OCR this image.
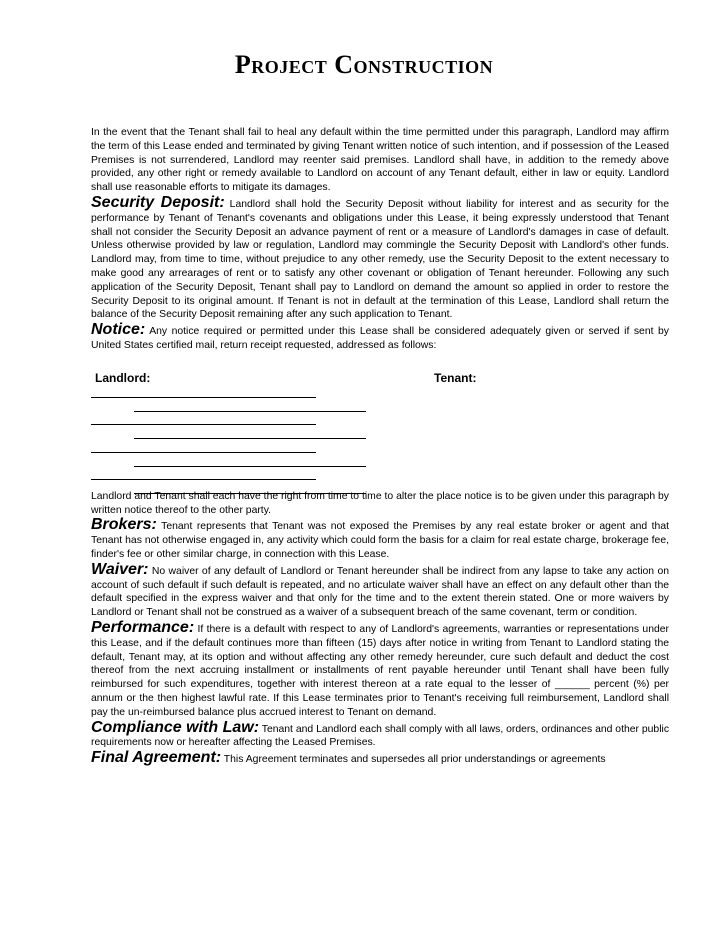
Project Construction

In the event that the Tenant shall fail to heal any default within the time permitted under this paragraph, Landlord may affirm the term of this Lease ended and terminated by giving Tenant written notice of such intention, and if possession of the Leased Premises is not surrendered, Landlord may reenter said premises. Landlord shall have, in addition to the remedy above provided, any other right or remedy available to Landlord on account of any Tenant default, either in law or equity. Landlord shall use reasonable efforts to mitigate its damages.

Security Deposit: Landlord shall hold the Security Deposit without liability for interest and as security for the performance by Tenant of Tenant's covenants and obligations under this Lease, it being expressly understood that Tenant shall not consider the Security Deposit an advance payment of rent or a measure of Landlord's damages in case of default. Unless otherwise provided by law or regulation, Landlord may commingle the Security Deposit with Landlord's other funds. Landlord may, from time to time, without prejudice to any other remedy, use the Security Deposit to the extent necessary to make good any arrearages of rent or to satisfy any other covenant or obligation of Tenant hereunder. Following any such application of the Security Deposit, Tenant shall pay to Landlord on demand the amount so applied in order to restore the Security Deposit to its original amount. If Tenant is not in default at the termination of this Lease, Landlord shall return the balance of the Security Deposit remaining after any such application to Tenant.

Notice: Any notice required or permitted under this Lease shall be considered adequately given or served if sent by United States certified mail, return receipt requested, addressed as follows:

Landlord:	Tenant:

Landlord and Tenant shall each have the right from time to time to alter the place notice is to be given under this paragraph by written notice thereof to the other party.

Brokers: Tenant represents that Tenant was not exposed the Premises by any real estate broker or agent and that Tenant has not otherwise engaged in, any activity which could form the basis for a claim for real estate charge, brokerage fee, finder's fee or other similar charge, in connection with this Lease.

Waiver: No waiver of any default of Landlord or Tenant hereunder shall be indirect from any lapse to take any action on account of such default if such default is repeated, and no articulate waiver shall have an effect on any default other than the default specified in the express waiver and that only for the time and to the extent therein stated. One or more waivers by Landlord or Tenant shall not be construed as a waiver of a subsequent breach of the same covenant, term or condition.

Performance: If there is a default with respect to any of Landlord's agreements, warranties or representations under this Lease, and if the default continues more than fifteen (15) days after notice in writing from Tenant to Landlord stating the default, Tenant may, at its option and without affecting any other remedy hereunder, cure such default and deduct the cost thereof from the next accruing installment or installments of rent payable hereunder until Tenant shall have been fully reimbursed for such expenditures, together with interest thereon at a rate equal to the lesser of ______ percent (%) per annum or the then highest lawful rate. If this Lease terminates prior to Tenant's receiving full reimbursement, Landlord shall pay the un-reimbursed balance plus accrued interest to Tenant on demand.

Compliance with Law: Tenant and Landlord each shall comply with all laws, orders, ordinances and other public requirements now or hereafter affecting the Leased Premises.

Final Agreement: This Agreement terminates and supersedes all prior understandings or agreements
